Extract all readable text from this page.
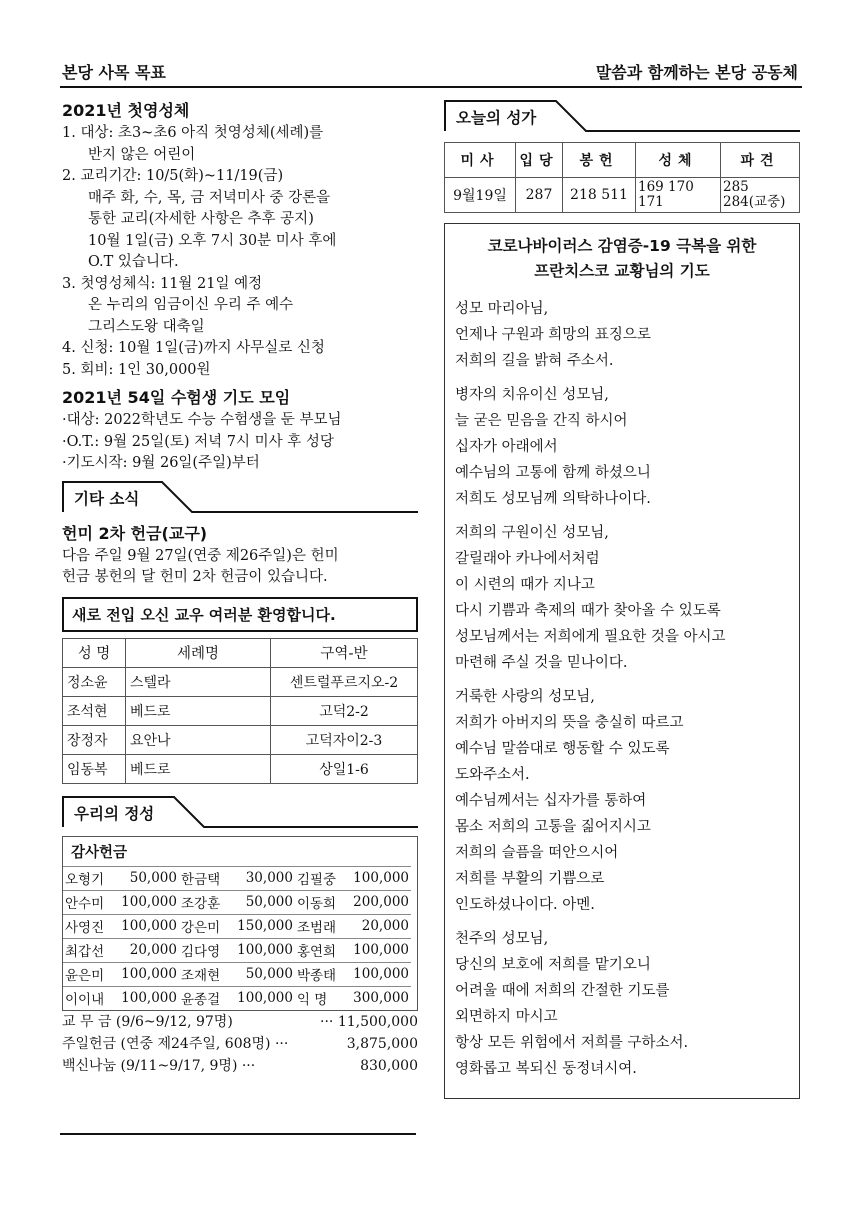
본당 사목 목표	말씀과 함께하는 본당 공동체
2021년 첫영성체
1. 대상: 초3~초6 아직 첫영성체(세례)를
반지 않은 어린이
2. 교리기간: 10/5(화)~11/19(금)
매주 화, 수, 목, 금 저녁미사 중 강론을
통한 교리(자세한 사항은 추후 공지)
10월 1일(금) 오후 7시 30분 미사 후에
O.T 있습니다.
3. 첫영성체식: 11월 21일 예정
온 누리의 임금이신 우리 주 예수
그리스도왕 대축일
4. 신청: 10월 1일(금)까지 사무실로 신청
5. 회비: 1인 30,000원
2021년 54일 수험생 기도 모임
·대상: 2022학년도 수능 수험생을 둔 부모님
·O.T.: 9월 25일(토) 저녁 7시 미사 후 성당
·기도시작: 9월 26일(주일)부터
기타 소식
헌미 2차 헌금(교구)
다음 주일 9월 27일(연중 제26주일)은 헌미
헌금 봉헌의 달 헌미 2차 헌금이 있습니다.
새로 전입 오신 교우 여러분 환영합니다.
성 명	세례명	구역-반
정소윤	스텔라	센트럴푸르지오-2
조석현	베드로	고덕2-2
장정자	요안나	고덕자이2-3
임동복	베드로	상일1-6
우리의 정성
감사헌금
오형기	50,000	한금택	30,000	김필중	100,000
안수미	100,000	조강훈	50,000	이동희	200,000
사영진	100,000	강은미	150,000	조범래	20,000
최갑선	20,000	김다영	100,000	홍연희	100,000
윤은미	100,000	조재현	50,000	박종태	100,000
이이내	100,000	윤종걸	100,000	익 명	300,000
교 무 금 (9/6~9/12, 97명)	··· 11,500,000
주일헌금 (연중 제24주일, 608명) ···	3,875,000
백신나눔 (9/11~9/17, 9명) ···	830,000
오늘의 성가
미사	입당	봉헌	성체	파견
9월19일	287	218 511	169 170 171	285 284(교중)
코로나바이러스 감염증-19 극복을 위한
프란치스코 교황님의 기도
성모 마리아님,
언제나 구원과 희망의 표징으로
저희의 길을 밝혀 주소서.
병자의 치유이신 성모님,
늘 굳은 믿음을 간직 하시어
십자가 아래에서
예수님의 고통에 함께 하셨으니
저희도 성모님께 의탁하나이다.
저희의 구원이신 성모님,
갈릴래아 카나에서처럼
이 시련의 때가 지나고
다시 기쁨과 축제의 때가 찾아올 수 있도록
성모님께서는 저희에게 필요한 것을 아시고
마련해 주실 것을 믿나이다.
거룩한 사랑의 성모님,
저희가 아버지의 뜻을 충실히 따르고
예수님 말씀대로 행동할 수 있도록
도와주소서.
예수님께서는 십자가를 통하여
몸소 저희의 고통을 짊어지시고
저희의 슬픔을 떠안으시어
저희를 부활의 기쁨으로
인도하셨나이다. 아멘.
천주의 성모님,
당신의 보호에 저희를 맡기오니
어려울 때에 저희의 간절한 기도를
외면하지 마시고
항상 모든 위험에서 저희를 구하소서.
영화롭고 복되신 동정녀시여.
